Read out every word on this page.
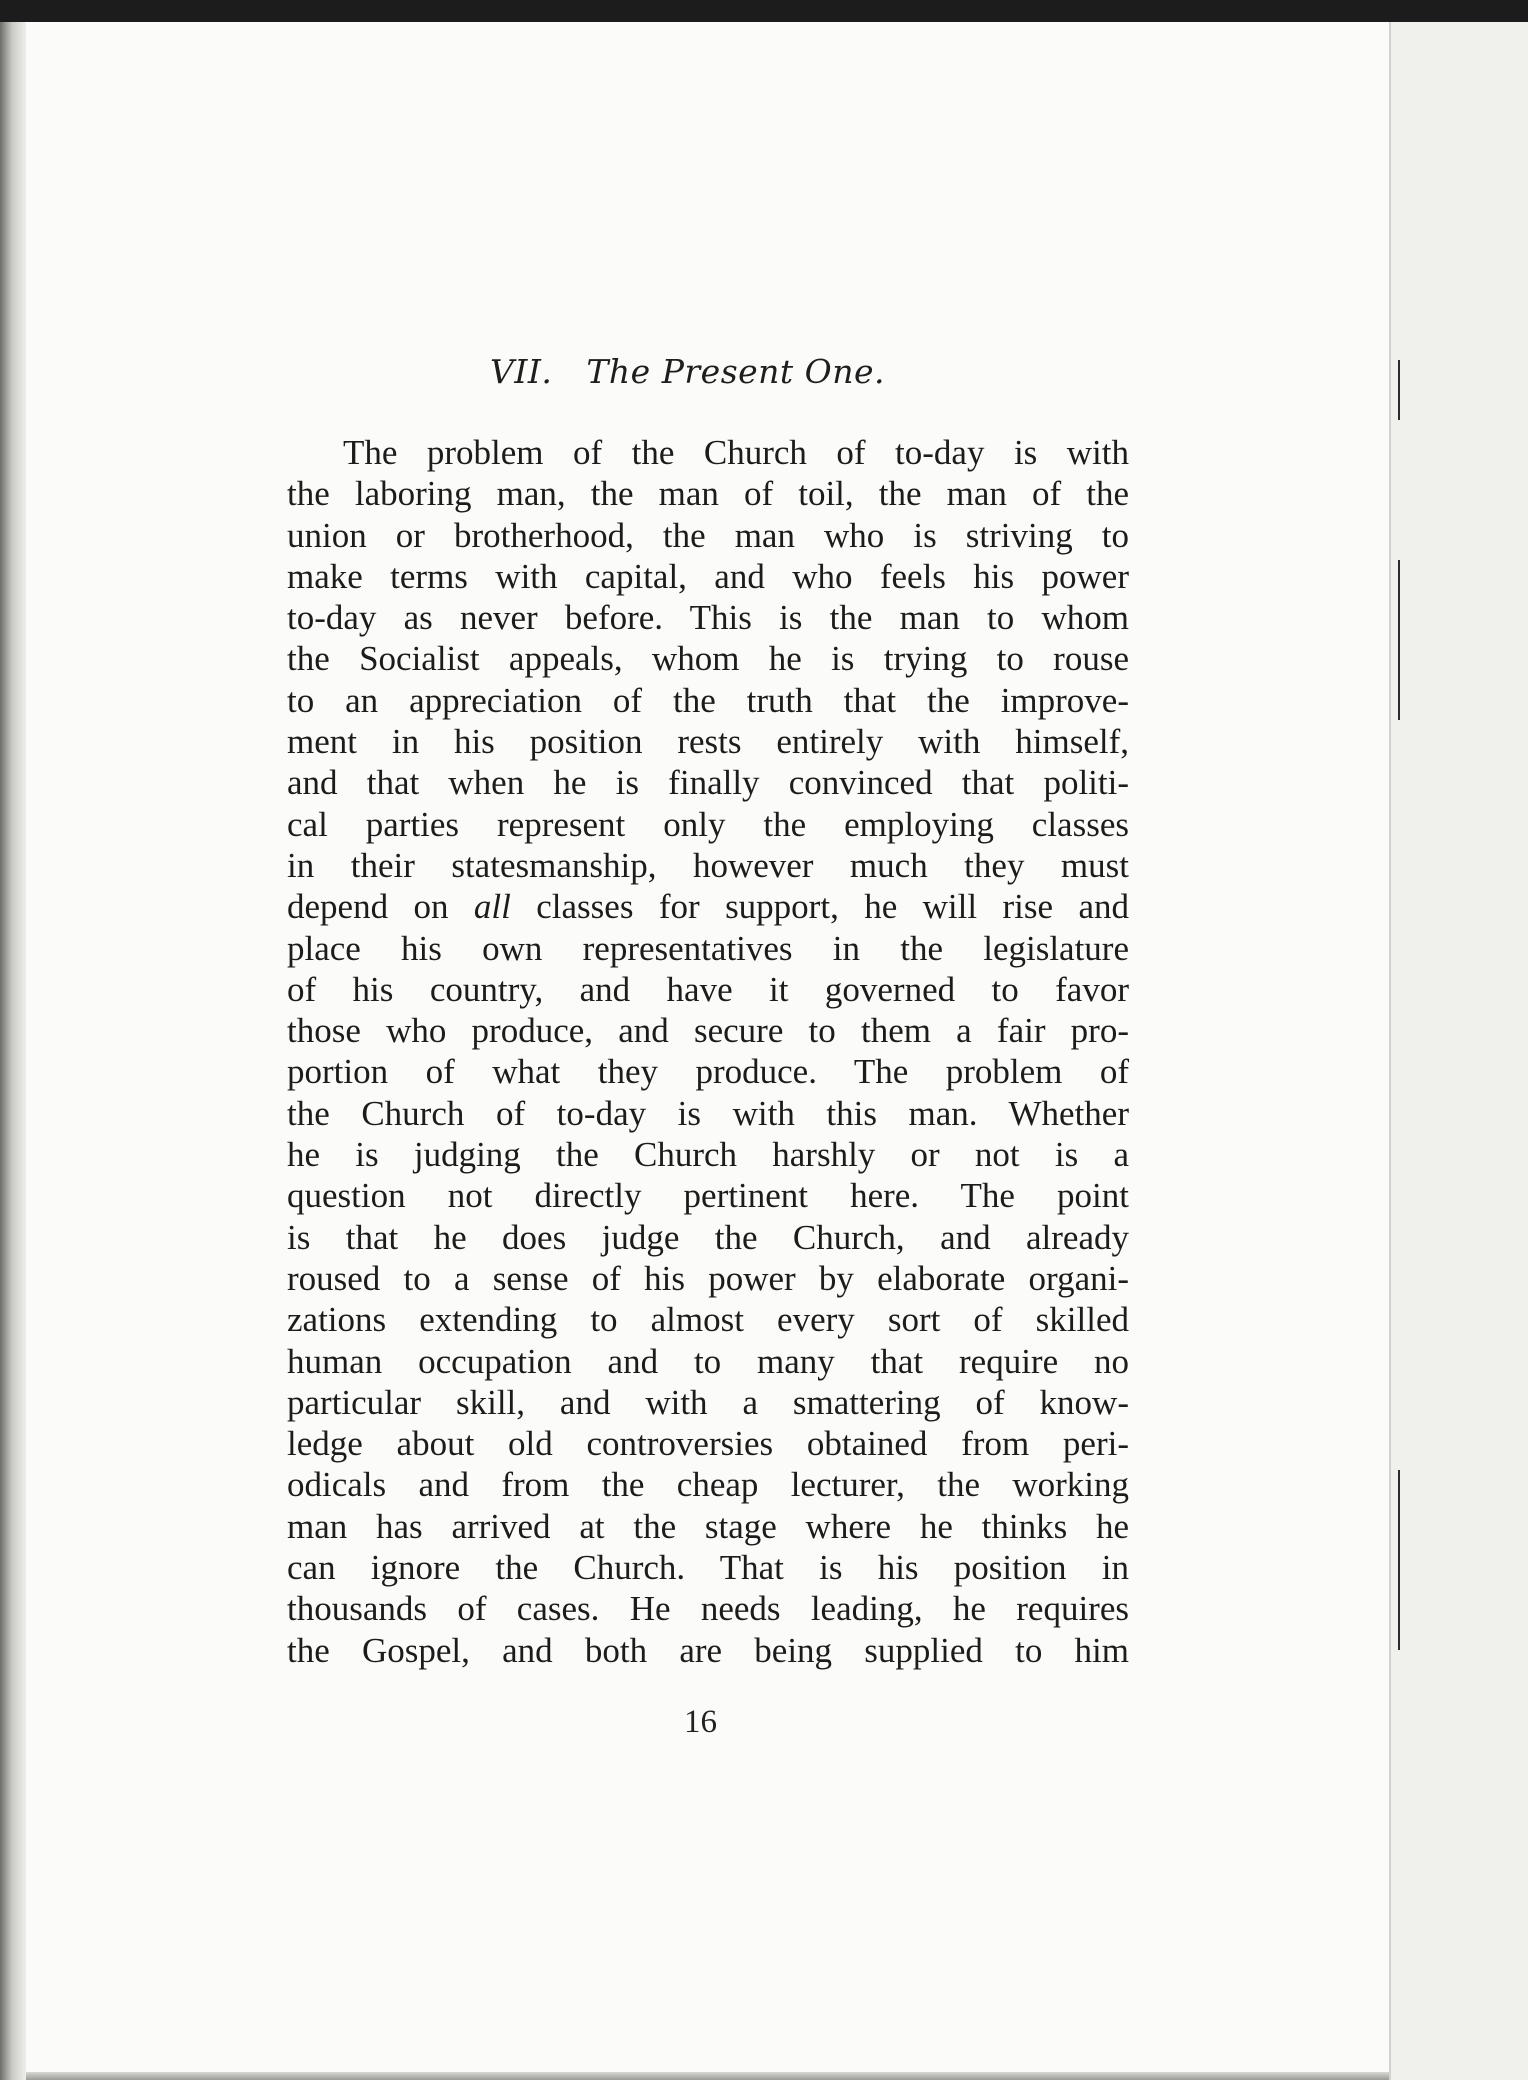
VII. The Present One.
The problem of the Church of to-day is with
the laboring man, the man of toil, the man of the
union or brotherhood, the man who is striving to
make terms with capital, and who feels his power
to-day as never before. This is the man to whom
the Socialist appeals, whom he is trying to rouse
to an appreciation of the truth that the improve-
ment in his position rests entirely with himself,
and that when he is finally convinced that politi-
cal parties represent only the employing classes
in their statesmanship, however much they must
depend on all classes for support, he will rise and
place his own representatives in the legislature
of his country, and have it governed to favor
those who produce, and secure to them a fair pro-
portion of what they produce. The problem of
the Church of to-day is with this man. Whether
he is judging the Church harshly or not is a
question not directly pertinent here. The point
is that he does judge the Church, and already
roused to a sense of his power by elaborate organi-
zations extending to almost every sort of skilled
human occupation and to many that require no
particular skill, and with a smattering of know-
ledge about old controversies obtained from peri-
odicals and from the cheap lecturer, the working
man has arrived at the stage where he thinks he
can ignore the Church. That is his position in
thousands of cases. He needs leading, he requires
the Gospel, and both are being supplied to him
16
